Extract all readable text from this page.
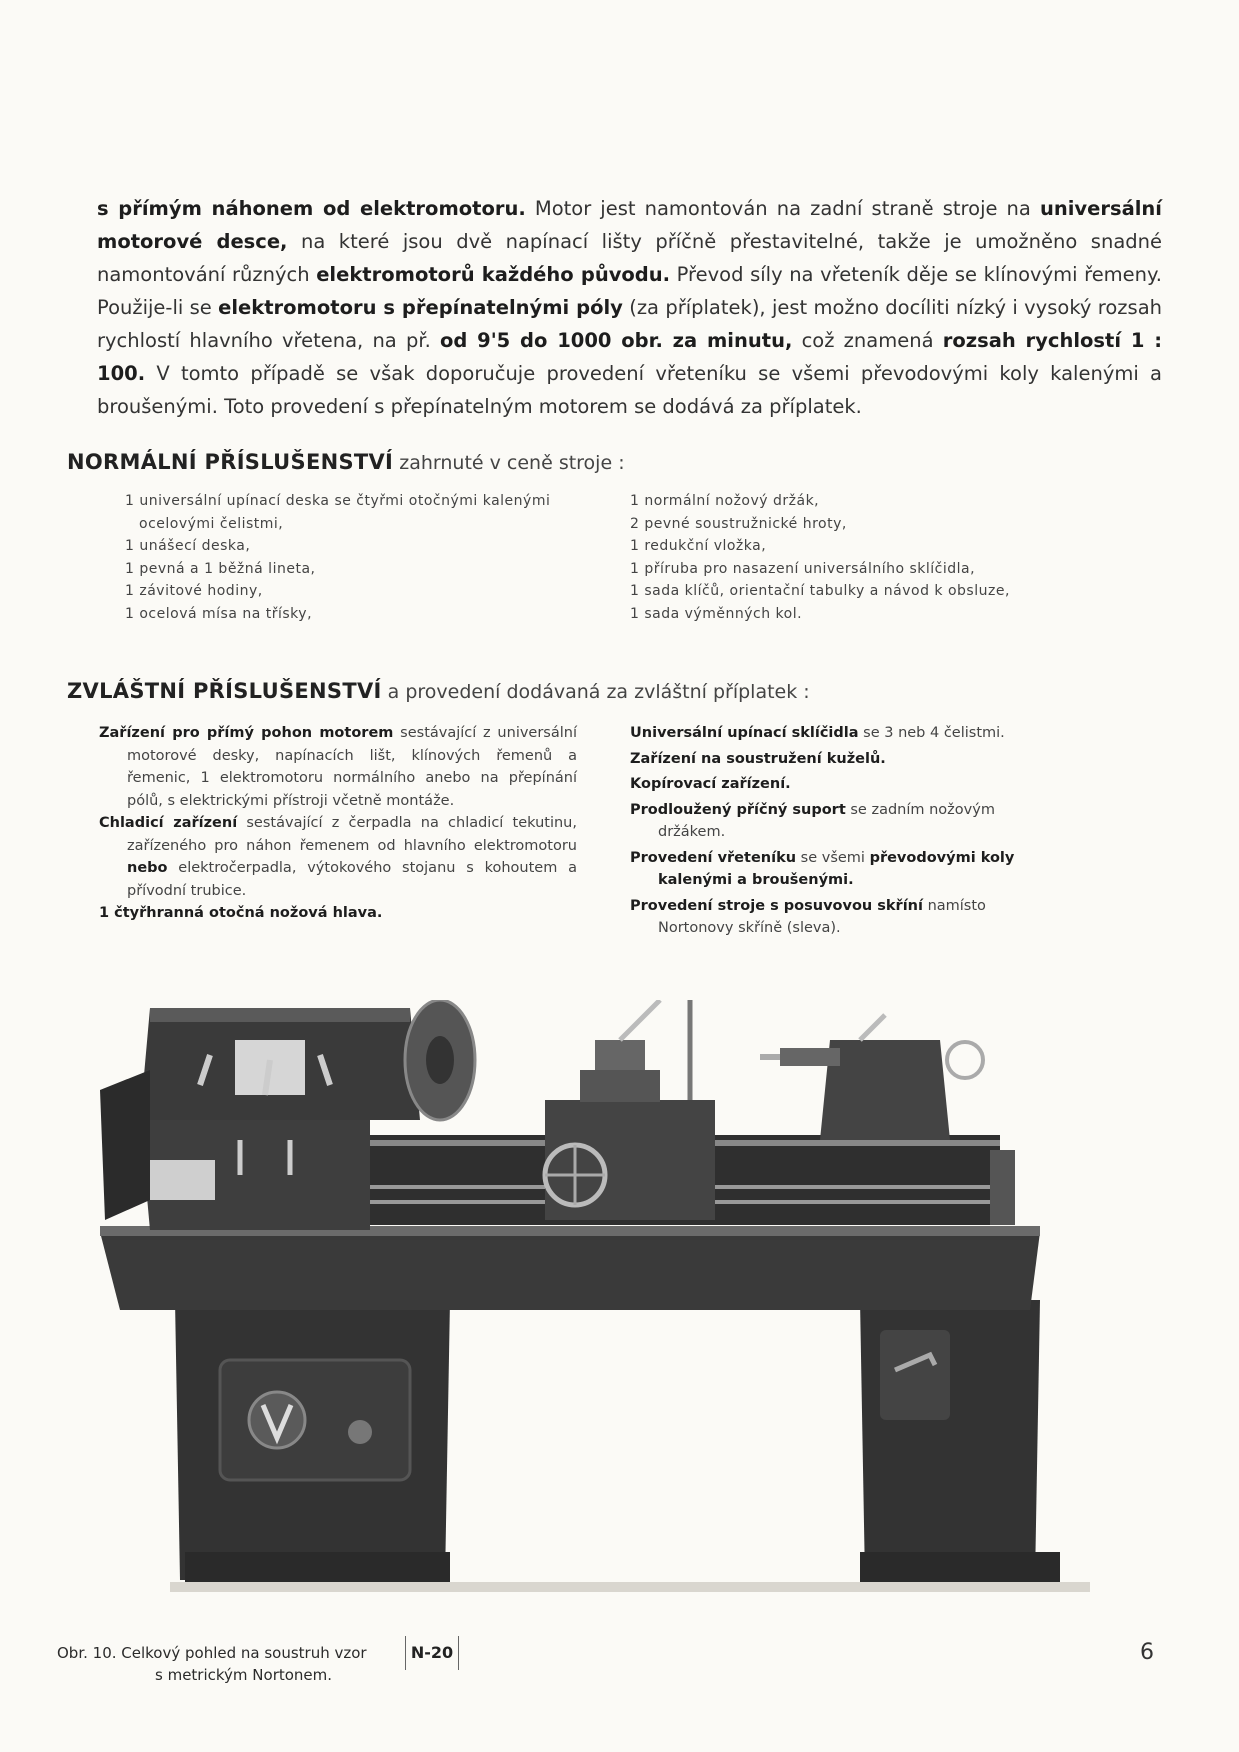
s přímým náhonem od elektromotoru. Motor jest namontován na zadní straně stroje na universální motorové desce, na které jsou dvě napínací lišty příčně přestavitelné, takže je umožněno snadné namontování různých elektromotorů každého původu. Převod síly na vřeteník děje se klínovými řemeny. Použije-li se elektromotoru s přepínatelnými póly (za příplatek), jest možno docíliti nízký i vysoký rozsah rychlostí hlavního vřetena, na př. od 9'5 do 1000 obr. za minutu, což znamená rozsah rychlostí 1 : 100. V tomto případě se však doporučuje provedení vřeteníku se všemi převodovými koly kalenými a broušenými. Toto provedení s přepínatelným motorem se dodává za příplatek.

NORMÁLNÍ PŘÍSLUŠENSTVÍ zahrnuté v ceně stroje :
1 universální upínací deska se čtyřmi otočnými kalenými ocelovými čelistmi,
1 unášecí deska,
1 pevná a 1 běžná lineta,
1 závitové hodiny,
1 ocelová mísa na třísky,
1 normální nožový držák,
2 pevné soustružnické hroty,
1 redukční vložka,
1 příruba pro nasazení universálního sklíčidla,
1 sada klíčů, orientační tabulky a návod k obsluze,
1 sada výměnných kol.
ZVLÁŠTNÍ PŘÍSLUŠENSTVÍ a provedení dodávaná za zvláštní příplatek :
Zařízení pro přímý pohon motorem sestávající z universální motorové desky, napínacích lišt, klínových řemenů a řemenic, 1 elektromotoru normálního anebo na přepínání pólů, s elektrickými přístroji včetně montáže.
Chladicí zařízení sestávající z čerpadla na chladicí tekutinu, zařízeného pro náhon řemenem od hlavního elektromotoru nebo elektročerpadla, výtokového stojanu s kohoutem a přívodní trubice.
1 čtyřhranná otočná nožová hlava.
Universální upínací sklíčidla se 3 neb 4 čelistmi.
Zařízení na soustružení kuželů.
Kopírovací zařízení.
Prodloužený příčný suport se zadním nožovým držákem.
Provedení vřeteníku se všemi převodovými koly kalenými a broušenými.
Provedení stroje s posuvovou skříní namísto Nortonovy skříně (sleva).
Obr. 10. Celkový pohled na soustruh vzor
s metrickým Nortonem.
N-20	6
